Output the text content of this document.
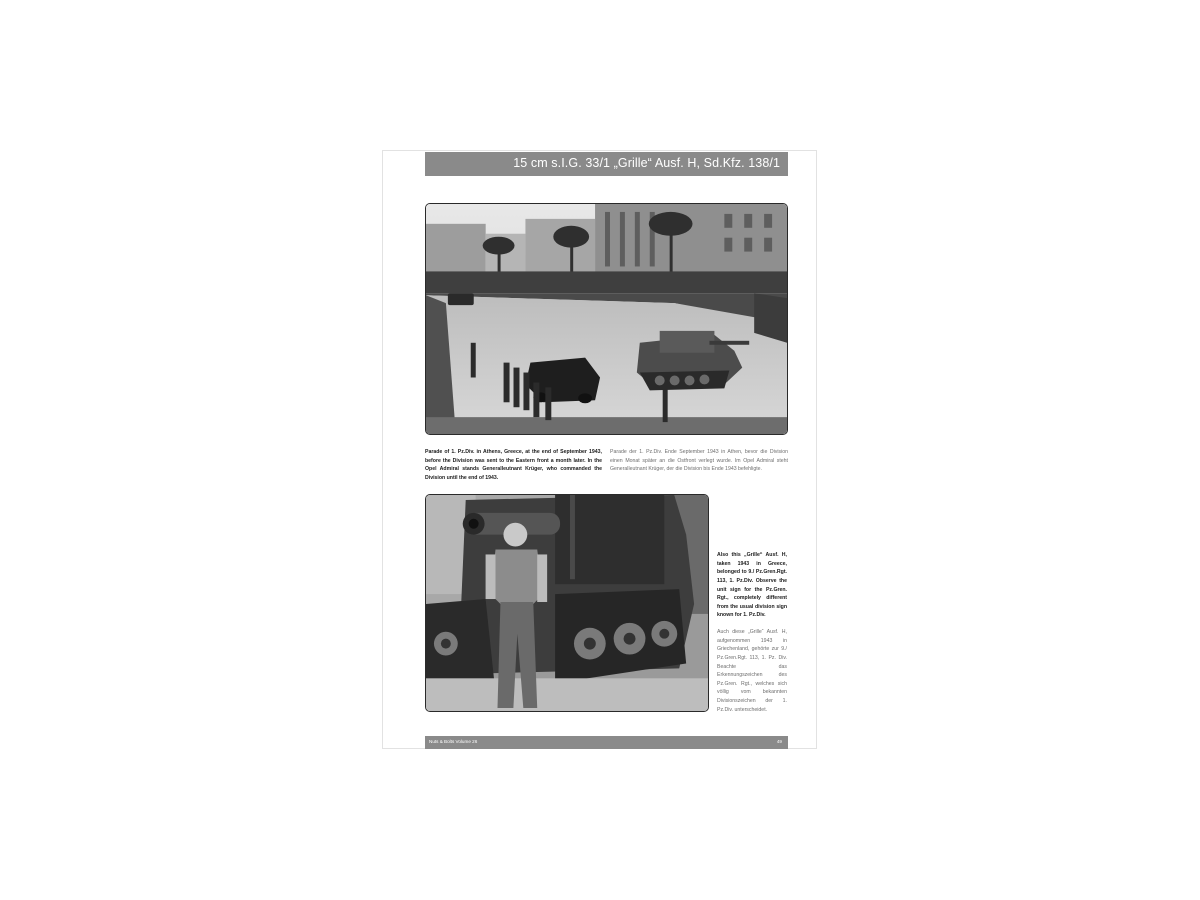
15 cm s.I.G. 33/1 „Grille“ Ausf. H, Sd.Kfz. 138/1

Parade of 1. Pz.Div. in Athens, Greece, at the end of September 1943, before the Division was sent to the Eastern front a month later. In the Opel Admiral stands Generalleutnant Krüger, who commanded the Division until the end of 1943.

Parade der 1. Pz.Div. Ende September 1943 in Athen, bevor die Division einen Monat später an die Ostfront verlegt wurde. Im Opel Admiral steht Generalleutnant Krüger, der die Division bis Ende 1943 befehligte.

Also this „Grille“ Ausf. H, taken 1943 in Greece, belonged to 9./ Pz.Gren.Rgt. 113, 1. Pz.Div. Observe the unit sign for the Pz.Gren. Rgt., completely different from the usual division sign known for 1. Pz.Div.

Auch diese „Grille“ Ausf. H, aufgenommen 1943 in Griechenland, gehörte zur 9./ Pz.Gren.Rgt. 113, 1. Pz. Div. Beachte das Erkennungszeichen des Pz.Gren. Rgt., welches sich völlig vom bekannten Divisionszeichen der 1. Pz.Div. unterscheidet.

Nuts & Bolts Volume 26	49
